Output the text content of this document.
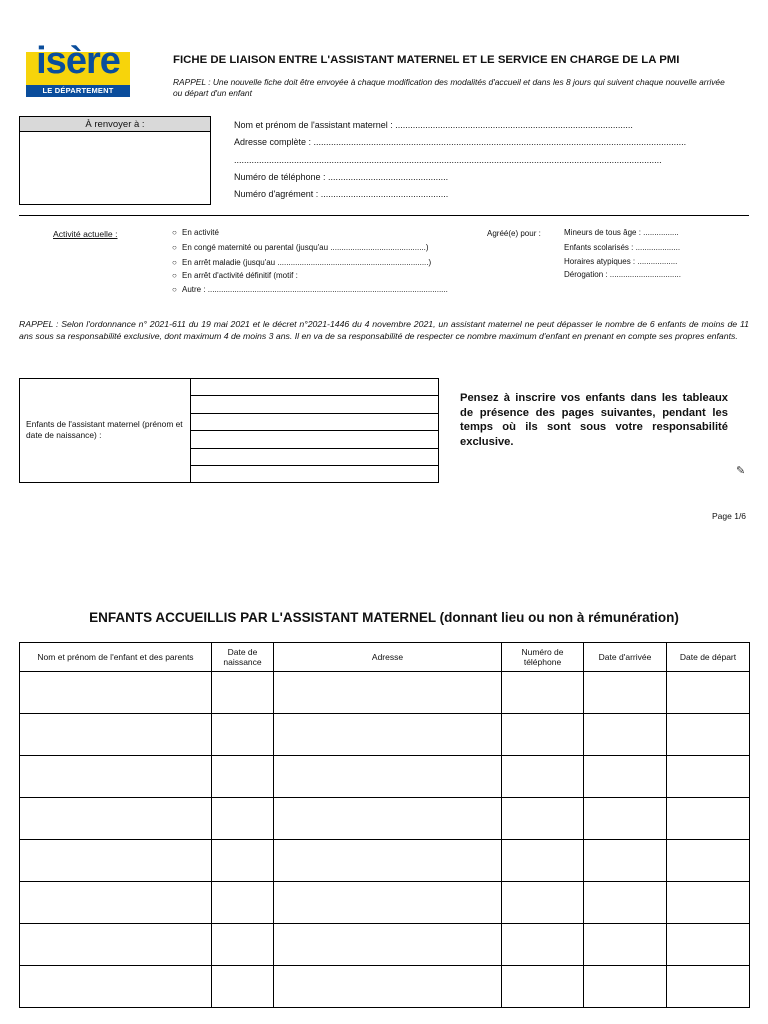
isère
LE DÉPARTEMENT
FICHE DE LIAISON ENTRE L'ASSISTANT MATERNEL ET LE SERVICE EN CHARGE DE LA PMI
RAPPEL : Une nouvelle fiche doit être envoyée à chaque modification des modalités d'accueil et dans les 8 jours qui suivent chaque nouvelle arrivée ou départ d'un enfant
À renvoyer à :	Nom et prénom de l'assistant maternel : ...............................................................................................
Adresse complète : .....................................................................................................................................................
...........................................................................................................................................................................
Numéro de téléphone : ................................................
Numéro d'agrément : ...................................................
Activité actuelle :	○ En activité
○ En congé maternité ou parental (jusqu'au ...........................................)
○ En arrêt maladie (jusqu'au ....................................................................)
○ En arrêt d'activité définitif (motif :
○ Autre : ............................................................................................................
Agréé(e) pour :	Mineurs de tous âge : ................
Enfants scolarisés : ....................
Horaires atypiques : ..................
Dérogation : ................................
RAPPEL : Selon l'ordonnance n° 2021-611 du 19 mai 2021 et le décret n°2021-1446 du 4 novembre 2021, un assistant maternel ne peut dépasser le nombre de 6 enfants de moins de 11 ans sous sa responsabilité exclusive, dont maximum 4 de moins 3 ans. Il en va de sa responsabilité de respecter ce nombre maximum d'enfant en prenant en compte ses propres enfants.
Enfants de l'assistant maternel (prénom et date de naissance) :
Pensez à inscrire vos enfants dans les tableaux de présence des pages suivantes, pendant les temps où ils sont sous votre responsabilité exclusive.
✎
Page 1/6
ENFANTS ACCUEILLIS PAR L'ASSISTANT MATERNEL (donnant lieu ou non à rémunération)
Nom et prénom de l'enfant et des parents	Date de naissance	Adresse	Numéro de téléphone	Date d'arrivée	Date de départ
